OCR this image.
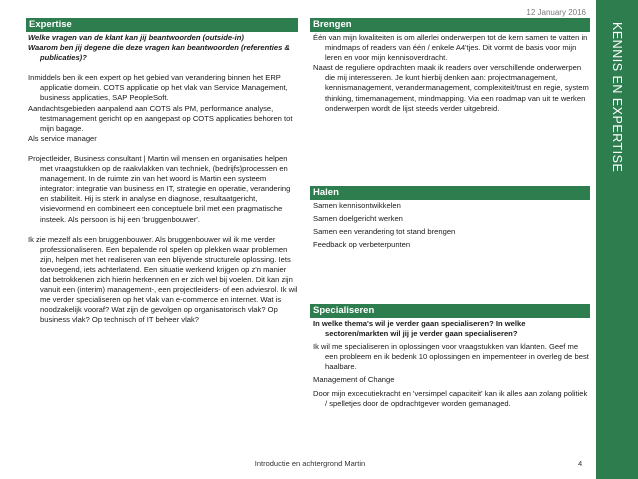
KENNIS EN EXPERTISE
12 January 2016
Expertise

Welke vragen van de klant kan jij beantwoorden (outside-in)

Waarom ben jij degene die deze vragen kan beantwoorden (referenties & publicaties)?

Inmiddels ben ik een expert op het gebied van verandering binnen het ERP applicatie domein. COTS applicatie op het vlak van Service Management, business applicaties, SAP PeopleSoft.

Aandachtsgebieden aanpalend aan COTS als PM, performance analyse, testmanagement gericht op en aangepast op COTS applicaties behoren tot mijn bagage.

Als service manager

Projectleider, Business consultant | Martin wil mensen en organisaties helpen met vraagstukken op de raakvlakken van techniek, (bedrijfs)processen en management. In de ruimte zin van het woord is Martin een systeem integrator: integratie van business en IT, strategie en operatie, verandering en stabiliteit. Hij is sterk in analyse en diagnose, resultaatgericht, visievormend en combineert een conceptuele bril met een pragmatische insteek. Als persoon is hij een 'bruggenbouwer'.

Ik zie mezelf als een bruggenbouwer. Als bruggenbouwer wil ik me verder professionaliseren. Een bepalende rol spelen op plekken waar problemen zijn, helpen met het realiseren van een blijvende structurele oplossing. Iets toevoegend, iets achterlatend. Een situatie werkend krijgen op z'n manier dat betrokkenen zich hierin herkennen en er zich wel bij voelen. Dit kan zijn vanuit een (interim) management-, een projectleiders- of een adviesrol. Ik wil me verder specialiseren op het vlak van e-commerce en internet. Wat is noodzakelijk vooraf? Wat zijn de gevolgen op organisatorisch vlak? Op business vlak? Op technisch of IT beheer vlak?

Brengen

Één van mijn kwaliteiten is om allerlei onderwerpen tot de kern samen te vatten in mindmaps of readers van één / enkele A4'tjes. Dit vormt de basis voor mijn leren en voor mijn kennisoverdracht.

Naast de reguliere opdrachten maak ik readers over verschillende onderwerpen die mij interesseren. Je kunt hierbij denken aan: projectmanagement, kennismanagement, verandermanagement, complexiteit/trust en regie, system thinking, timemanagement, mindmapping. Via een roadmap van uit te werken onderwerpen wordt de lijst steeds verder uitgebreid.

Halen

Samen kennisontwikkelen

Samen doelgericht werken

Samen een verandering tot stand brengen

Feedback op verbeterpunten

Specialiseren

In welke thema's wil je verder gaan specialiseren? In welke sectoren/markten wil jij je verder gaan specialiseren?

Ik wil me specialiseren in oplossingen voor vraagstukken van klanten. Geef me een probleem en ik bedenk 10 oplossingen en impementeer in overleg de best haalbare.

Management of Change

Door mijn excecutiekracht en 'versimpel capaciteit' kan ik alles aan zolang politiek / spelletjes door de opdrachtgever worden gemanaged.

Introductie en achtergrond Martin	4
